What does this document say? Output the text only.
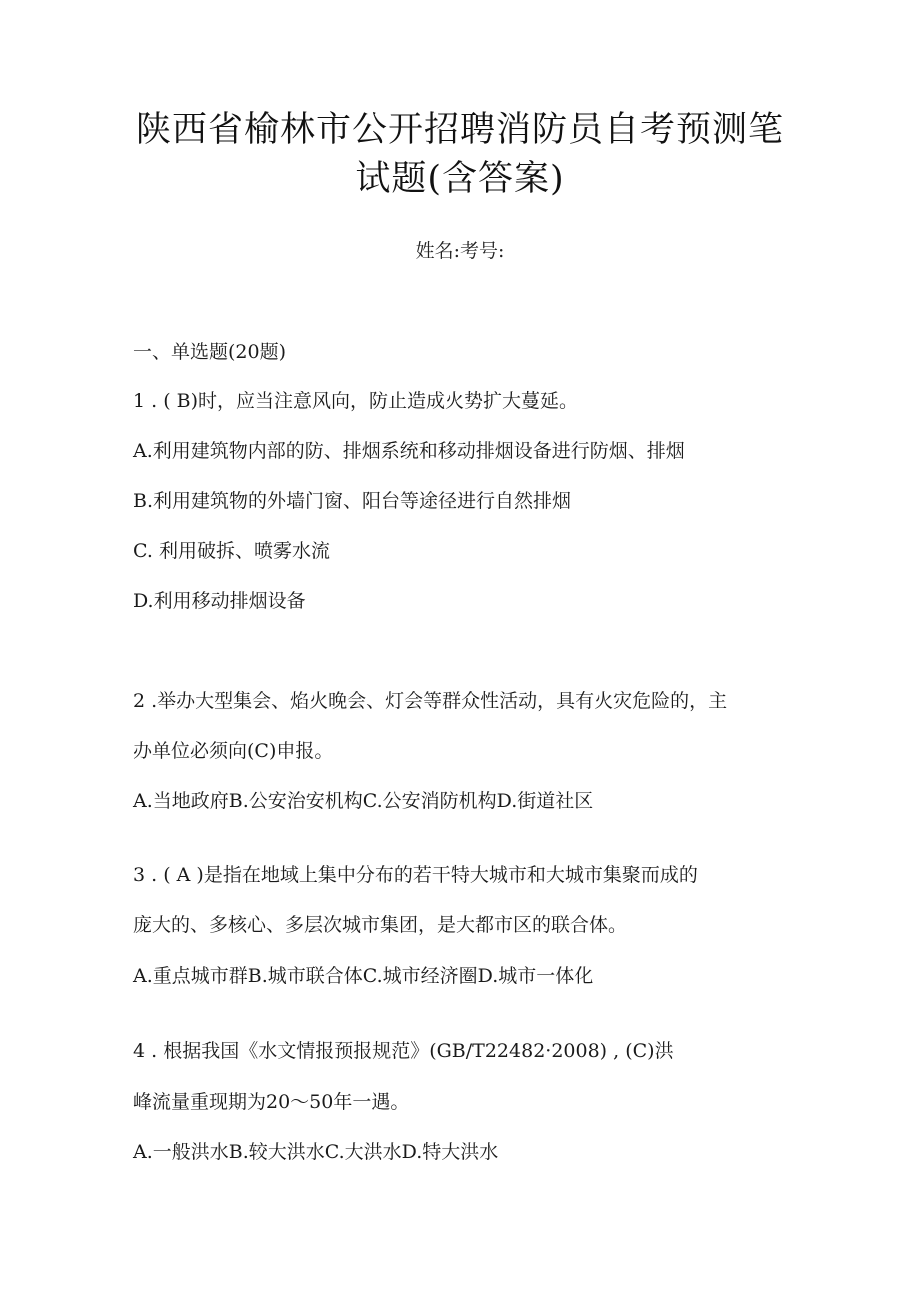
陕西省榆林市公开招聘消防员自考预测笔
试题(含答案)
姓名:考号:
一、单选题(20题)
1 . ( B)时，应当注意风向，防止造成火势扩大蔓延。
A.利用建筑物内部的防、排烟系统和移动排烟设备进行防烟、排烟
B.利用建筑物的外墙门窗、阳台等途径进行自然排烟
C. 利用破拆、喷雾水流
D.利用移动排烟设备
2 .举办大型集会、焰火晚会、灯会等群众性活动，具有火灾危险的，主
办单位必须向(C)申报。
A.当地政府B.公安治安机构C.公安消防机构D.街道社区
3 . ( A )是指在地域上集中分布的若干特大城市和大城市集聚而成的
庞大的、多核心、多层次城市集团，是大都市区的联合体。
A.重点城市群B.城市联合体C.城市经济圈D.城市一体化
4 . 根据我国《水文情报预报规范》(GB/T22482·2008) , (C)洪
峰流量重现期为20～50年一遇。
A.一般洪水B.较大洪水C.大洪水D.特大洪水
